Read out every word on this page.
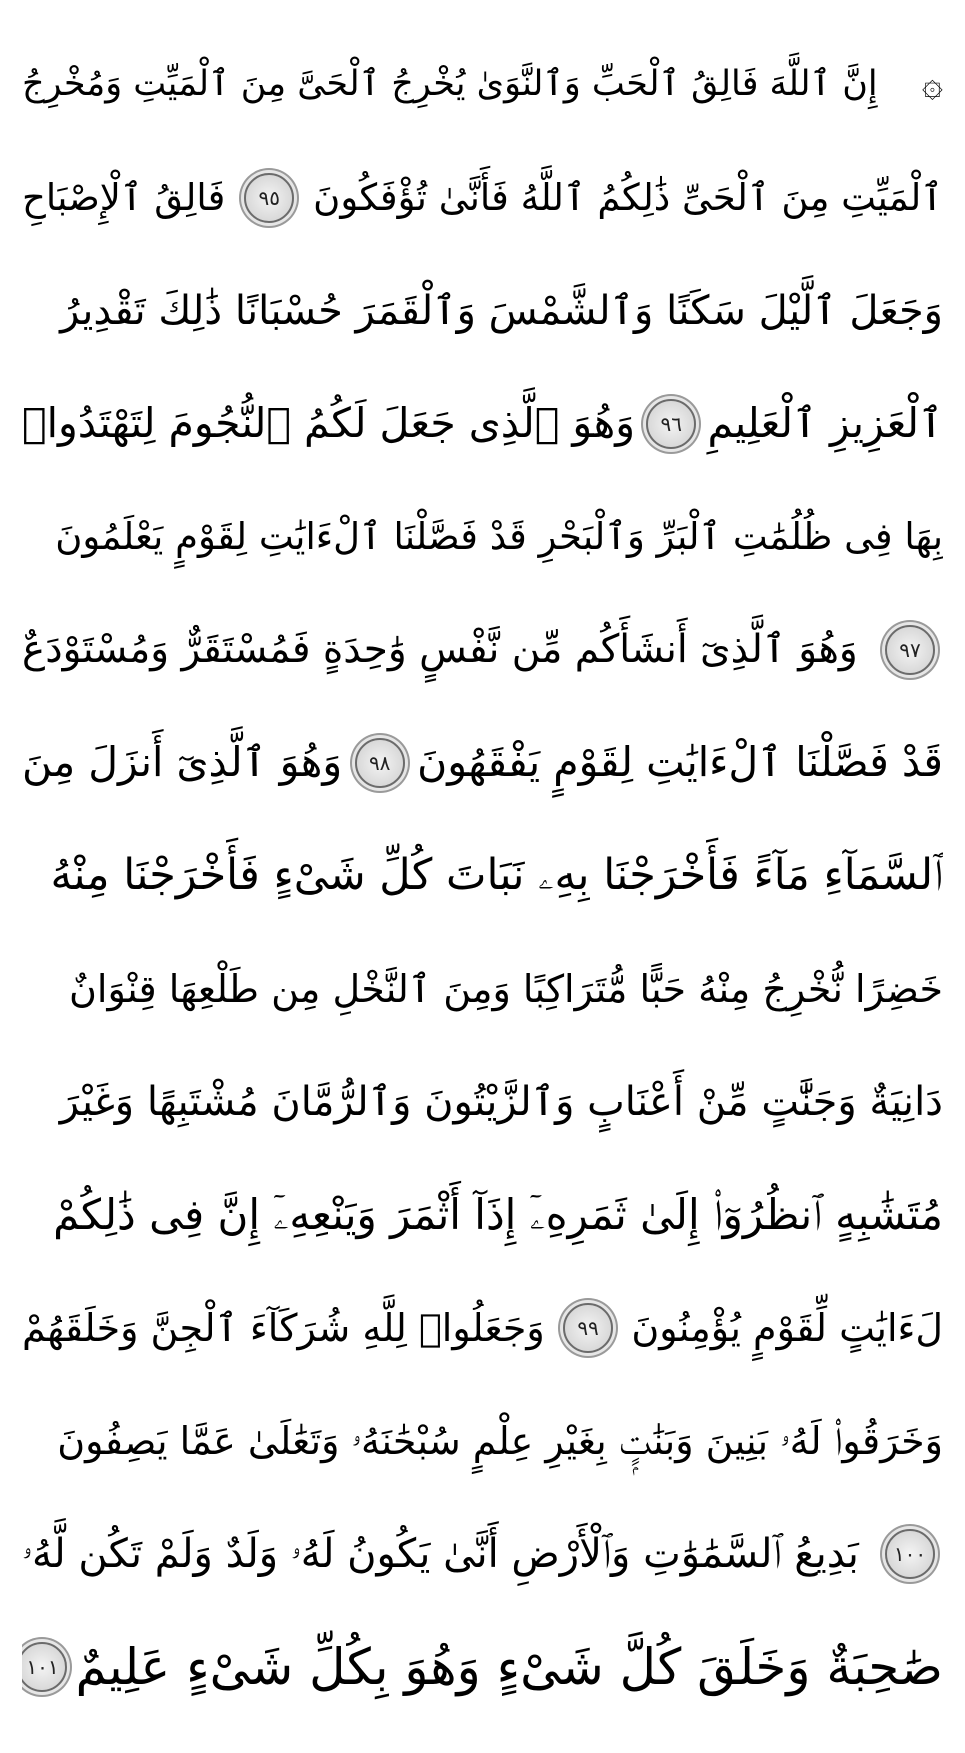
۞
إِنَّ ٱللَّهَ فَالِقُ ٱلْحَبِّ وَٱلنَّوَىٰ يُخْرِجُ ٱلْحَىَّ مِنَ ٱلْمَيِّتِ وَمُخْرِجُ
ٱلْمَيِّتِ مِنَ ٱلْحَىِّ ذَٰلِكُمُ ٱللَّهُ فَأَنَّىٰ تُؤْفَكُونَ
٩٥
فَالِقُ ٱلْإِصْبَاحِ
وَجَعَلَ ٱلَّيْلَ سَكَنًا وَٱلشَّمْسَ وَٱلْقَمَرَ حُسْبَانًا ذَٰلِكَ تَقْدِيرُ
ٱلْعَزِيزِ ٱلْعَلِيمِ
٩٦
وَهُوَ ٱلَّذِى جَعَلَ لَكُمُ ٱلنُّجُومَ لِتَهْتَدُوا۟
بِهَا فِى ظُلُمَٰتِ ٱلْبَرِّ وَٱلْبَحْرِ قَدْ فَصَّلْنَا ٱلْءَايَٰتِ لِقَوْمٍ يَعْلَمُونَ
٩٧
وَهُوَ ٱلَّذِىٓ أَنشَأَكُم مِّن نَّفْسٍ وَٰحِدَةٍ فَمُسْتَقَرٌّ وَمُسْتَوْدَعٌ
قَدْ فَصَّلْنَا ٱلْءَايَٰتِ لِقَوْمٍ يَفْقَهُونَ
٩٨
وَهُوَ ٱلَّذِىٓ أَنزَلَ مِنَ
ٱلسَّمَآءِ مَآءً فَأَخْرَجْنَا بِهِۦ نَبَاتَ كُلِّ شَىْءٍ فَأَخْرَجْنَا مِنْهُ
خَضِرًا نُّخْرِجُ مِنْهُ حَبًّا مُّتَرَاكِبًا وَمِنَ ٱلنَّخْلِ مِن طَلْعِهَا قِنْوَانٌ
دَانِيَةٌ وَجَنَّٰتٍ مِّنْ أَعْنَابٍ وَٱلزَّيْتُونَ وَٱلرُّمَّانَ مُشْتَبِهًا وَغَيْرَ
مُتَشَٰبِهٍ ٱنظُرُوٓا۟ إِلَىٰ ثَمَرِهِۦٓ إِذَآ أَثْمَرَ وَيَنْعِهِۦٓ إِنَّ فِى ذَٰلِكُمْ
لَءَايَٰتٍ لِّقَوْمٍ يُؤْمِنُونَ
٩٩
وَجَعَلُوا۟ لِلَّهِ شُرَكَآءَ ٱلْجِنَّ وَخَلَقَهُمْ
وَخَرَقُوا۟ لَهُۥ بَنِينَ وَبَنَٰتٍۭ بِغَيْرِ عِلْمٍ سُبْحَٰنَهُۥ وَتَعَٰلَىٰ عَمَّا يَصِفُونَ
١٠٠
بَدِيعُ ٱلسَّمَٰوَٰتِ وَٱلْأَرْضِ أَنَّىٰ يَكُونُ لَهُۥ وَلَدٌ وَلَمْ تَكُن لَّهُۥ
صَٰحِبَةٌ وَخَلَقَ كُلَّ شَىْءٍ وَهُوَ بِكُلِّ شَىْءٍ عَلِيمٌ
١٠١
